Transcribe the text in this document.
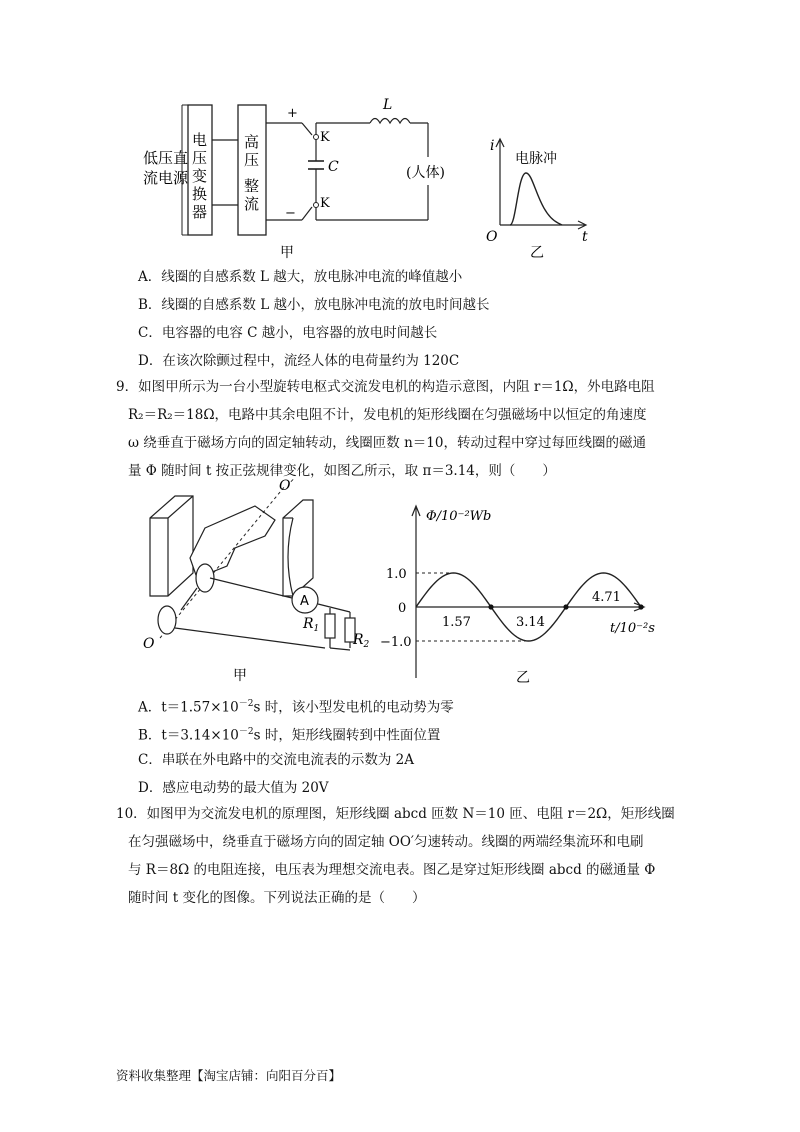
低压直
流电源
电
压
变
换
器
高
压
整
流
+
−
K
K
C
L
(人体)
甲
i
t
O
电脉冲
乙
A．线圈的自感系数 L 越大，放电脉冲电流的峰值越小
B．线圈的自感系数 L 越小，放电脉冲电流的放电时间越长
C．电容器的电容 C 越小，电容器的放电时间越长
D．在该次除颤过程中，流经人体的电荷量约为 120C
9．如图甲所示为一台小型旋转电枢式交流发电机的构造示意图，内阻 r＝1Ω，外电路电阻
R₂＝R₂＝18Ω，电路中其余电阻不计，发电机的矩形线圈在匀强磁场中以恒定的角速度
ω 绕垂直于磁场方向的固定轴转动，线圈匝数 n＝10，转动过程中穿过每匝线圈的磁通
量 Φ 随时间 t 按正弦规律变化，如图乙所示，取 π＝3.14，则（　　）
O′
O
A
$R_1$
$R_2$
甲
Φ/10⁻²Wb
t/10⁻²s
1.0
0
−1.0
1.57	3.14
4.71
乙
A．$t=1.57\times 10^{-2}s$ 时，该小型发电机的电动势为零
B．$t=3.14\times 10^{-2}s$ 时，矩形线圈转到中性面位置
C．串联在外电路中的交流电流表的示数为 2A
D．感应电动势的最大值为 20V
10．如图甲为交流发电机的原理图，矩形线圈 abcd 匝数 N＝10 匝、电阻 r＝2Ω，矩形线圈
在匀强磁场中，绕垂直于磁场方向的固定轴 OO′匀速转动。线圈的两端经集流环和电刷
与 R＝8Ω 的电阻连接，电压表为理想交流电表。图乙是穿过矩形线圈 abcd 的磁通量 Φ
随时间 t 变化的图像。下列说法正确的是（　　）
资料收集整理【淘宝店铺：向阳百分百】
